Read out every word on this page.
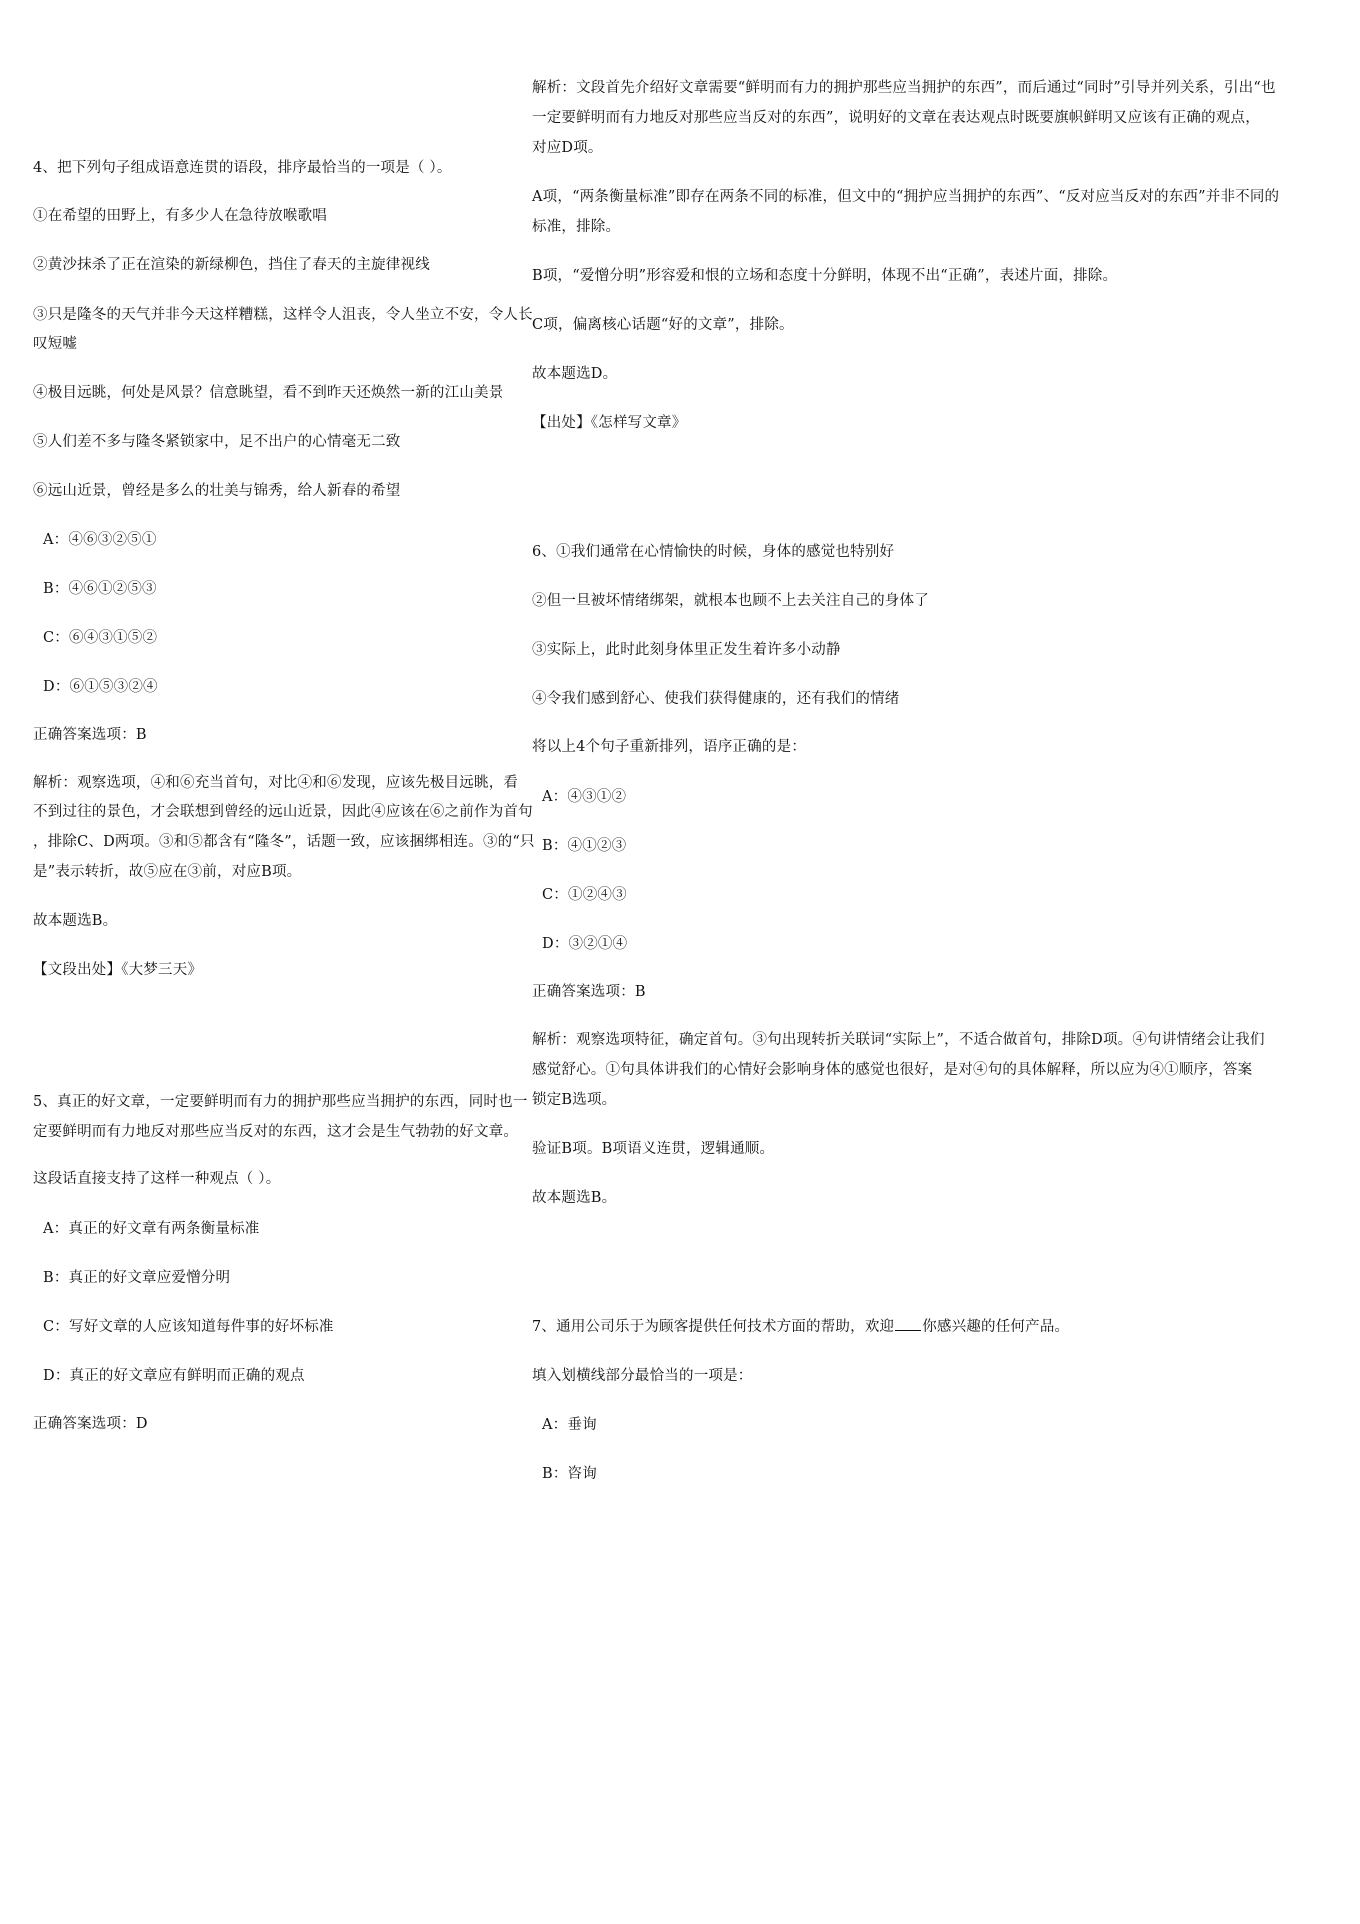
4、把下列句子组成语意连贯的语段，排序最恰当的一项是（ ）。
①在希望的田野上，有多少人在急待放喉歌唱
②黄沙抹杀了正在渲染的新绿柳色，挡住了春天的主旋律视线
③只是隆冬的天气并非今天这样糟糕，这样令人沮丧，令人坐立不安，令人长
叹短嘘
④极目远眺，何处是风景？信意眺望，看不到昨天还焕然一新的江山美景
⑤人们差不多与隆冬紧锁家中，足不出户的心情毫无二致
⑥远山近景，曾经是多么的壮美与锦秀，给人新春的希望
A：④⑥③②⑤①
B：④⑥①②⑤③
C：⑥④③①⑤②
D：⑥①⑤③②④
正确答案选项：B
解析：观察选项，④和⑥充当首句，对比④和⑥发现，应该先极目远眺，看
不到过往的景色，才会联想到曾经的远山近景，因此④应该在⑥之前作为首句
，排除C、D两项。③和⑤都含有“隆冬”，话题一致，应该捆绑相连。③的“只
是”表示转折，故⑤应在③前，对应B项。
故本题选B。
【文段出处】《大梦三天》
5、真正的好文章，一定要鲜明而有力的拥护那些应当拥护的东西，同时也一
定要鲜明而有力地反对那些应当反对的东西，这才会是生气勃勃的好文章。
这段话直接支持了这样一种观点（ ）。
A：真正的好文章有两条衡量标准
B：真正的好文章应爱憎分明
C：写好文章的人应该知道每件事的好坏标准
D：真正的好文章应有鲜明而正确的观点
正确答案选项：D
解析：文段首先介绍好文章需要“鲜明而有力的拥护那些应当拥护的东西”，而后通过“同时”引导并列关系，引出“也
一定要鲜明而有力地反对那些应当反对的东西”，说明好的文章在表达观点时既要旗帜鲜明又应该有正确的观点，
对应D项。
A项，“两条衡量标准”即存在两条不同的标准，但文中的“拥护应当拥护的东西”、“反对应当反对的东西”并非不同的
标准，排除。
B项，“爱憎分明”形容爱和恨的立场和态度十分鲜明，体现不出“正确”，表述片面，排除。
C项，偏离核心话题“好的文章”，排除。
故本题选D。
【出处】《怎样写文章》
6、①我们通常在心情愉快的时候，身体的感觉也特别好
②但一旦被坏情绪绑架，就根本也顾不上去关注自己的身体了
③实际上，此时此刻身体里正发生着许多小动静
④令我们感到舒心、使我们获得健康的，还有我们的情绪
将以上4个句子重新排列，语序正确的是：
A：④③①②
B：④①②③
C：①②④③
D：③②①④
正确答案选项：B
解析：观察选项特征，确定首句。③句出现转折关联词“实际上”，不适合做首句，排除D项。④句讲情绪会让我们
感觉舒心。①句具体讲我们的心情好会影响身体的感觉也很好，是对④句的具体解释，所以应为④①顺序，答案
锁定B选项。
验证B项。B项语义连贯，逻辑通顺。
故本题选B。
7、通用公司乐于为顾客提供任何技术方面的帮助，欢迎 你感兴趣的任何产品。
填入划横线部分最恰当的一项是：
A：垂询
B：咨询
